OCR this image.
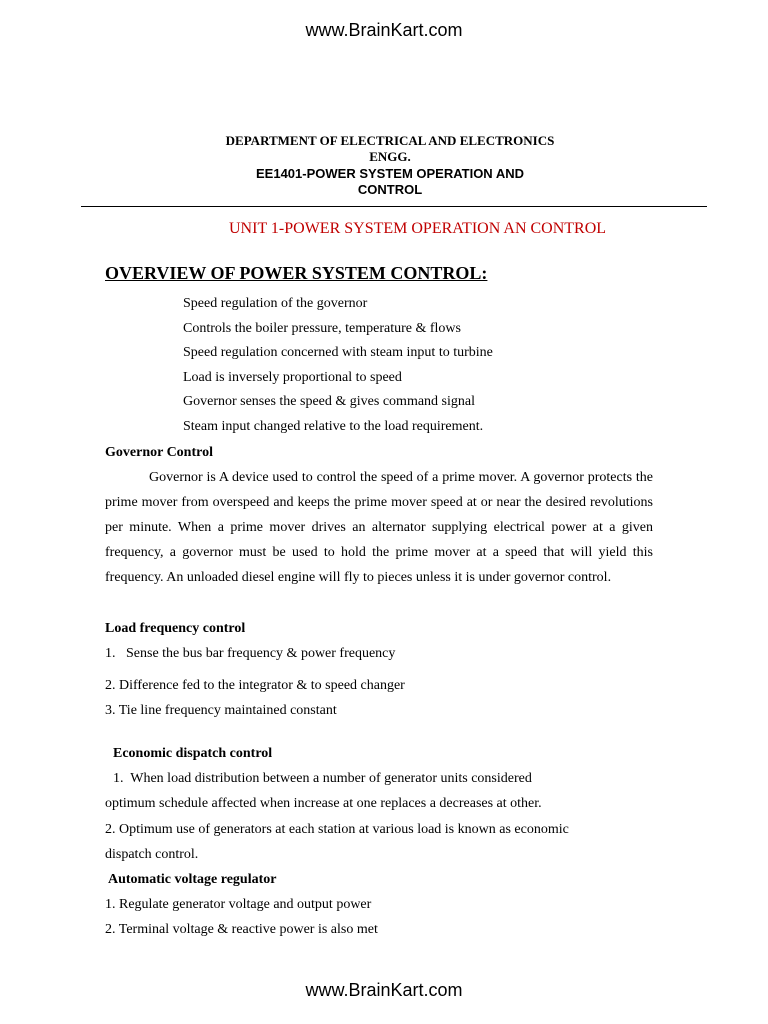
www.BrainKart.com
DEPARTMENT OF ELECTRICAL AND ELECTRONICS
ENGG.
EE1401-POWER SYSTEM OPERATION AND
CONTROL
UNIT 1-POWER SYSTEM OPERATION AN CONTROL
OVERVIEW OF POWER SYSTEM CONTROL:
Speed regulation of the governor
Controls the boiler pressure, temperature & flows
Speed regulation concerned with steam input to turbine
Load is inversely proportional to speed
Governor senses the speed & gives command signal
Steam input changed relative to the load requirement.
Governor Control

Governor is A device used to control the speed of a prime mover. A governor protects the prime mover from overspeed and keeps the prime mover speed at or near the desired revolutions per minute. When a prime mover drives an alternator supplying electrical power at a given frequency, a governor must be used to hold the prime mover at a speed that will yield this frequency. An unloaded diesel engine will fly to pieces unless it is under governor control.

Load frequency control
1.   Sense the bus bar frequency & power frequency
2. Difference fed to the integrator & to speed changer
3. Tie line frequency maintained constant
Economic dispatch control
1.  When load distribution between a number of generator units considered
optimum schedule affected when increase at one replaces a decreases at other.
2. Optimum use of generators at each station at various load is known as economic
dispatch control.
Automatic voltage regulator
1. Regulate generator voltage and output power
2. Terminal voltage & reactive power is also met
www.BrainKart.com
